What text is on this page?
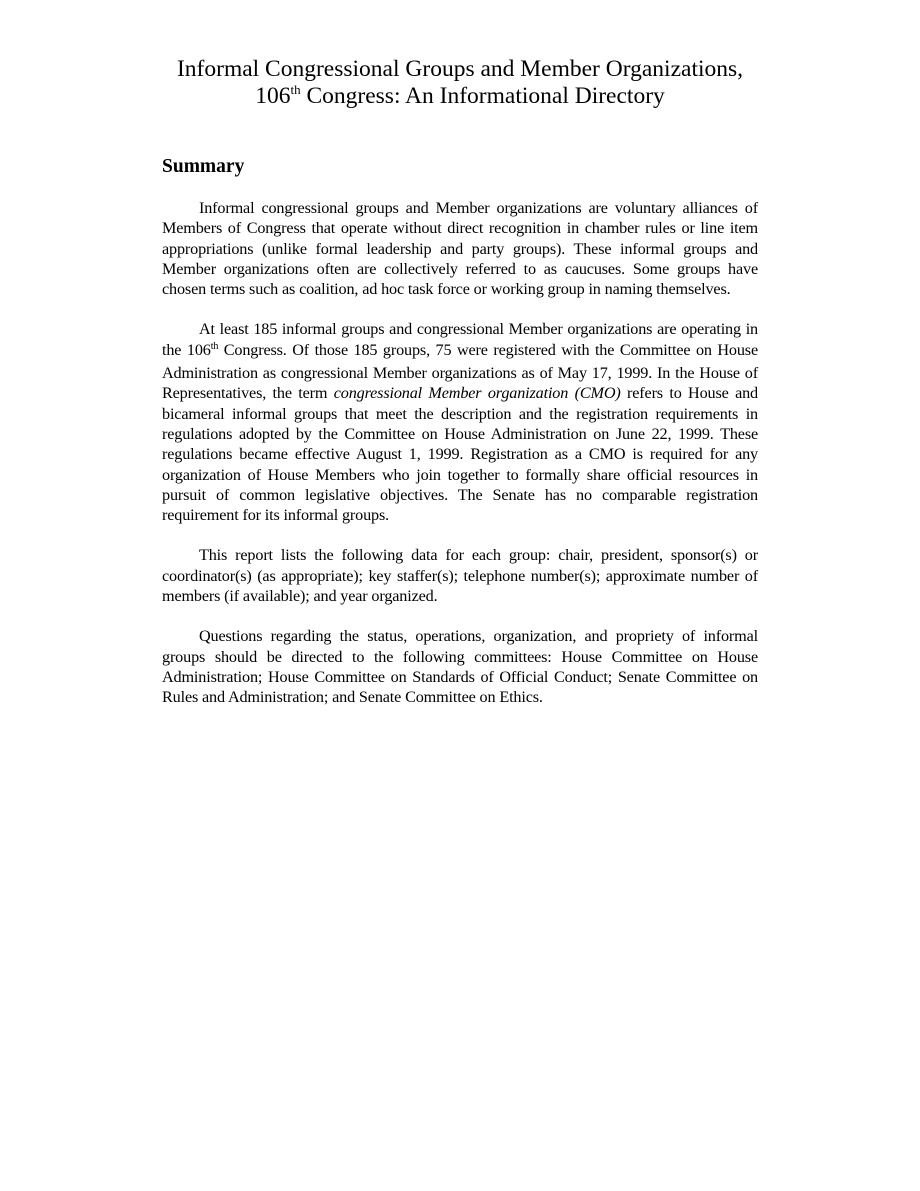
Informal Congressional Groups and Member Organizations,
106th Congress: An Informational Directory
Summary

Informal congressional groups and Member organizations are voluntary alliances of Members of Congress that operate without direct recognition in chamber rules or line item appropriations (unlike formal leadership and party groups). These informal groups and Member organizations often are collectively referred to as caucuses. Some groups have chosen terms such as coalition, ad hoc task force or working group in naming themselves.

At least 185 informal groups and congressional Member organizations are operating in the 106th Congress. Of those 185 groups, 75 were registered with the Committee on House Administration as congressional Member organizations as of May 17, 1999. In the House of Representatives, the term congressional Member organization (CMO) refers to House and bicameral informal groups that meet the description and the registration requirements in regulations adopted by the Committee on House Administration on June 22, 1999. These regulations became effective August 1, 1999. Registration as a CMO is required for any organization of House Members who join together to formally share official resources in pursuit of common legislative objectives. The Senate has no comparable registration requirement for its informal groups.

This report lists the following data for each group: chair, president, sponsor(s) or coordinator(s) (as appropriate); key staffer(s); telephone number(s); approximate number of members (if available); and year organized.

Questions regarding the status, operations, organization, and propriety of informal groups should be directed to the following committees: House Committee on House Administration; House Committee on Standards of Official Conduct; Senate Committee on Rules and Administration; and Senate Committee on Ethics.
